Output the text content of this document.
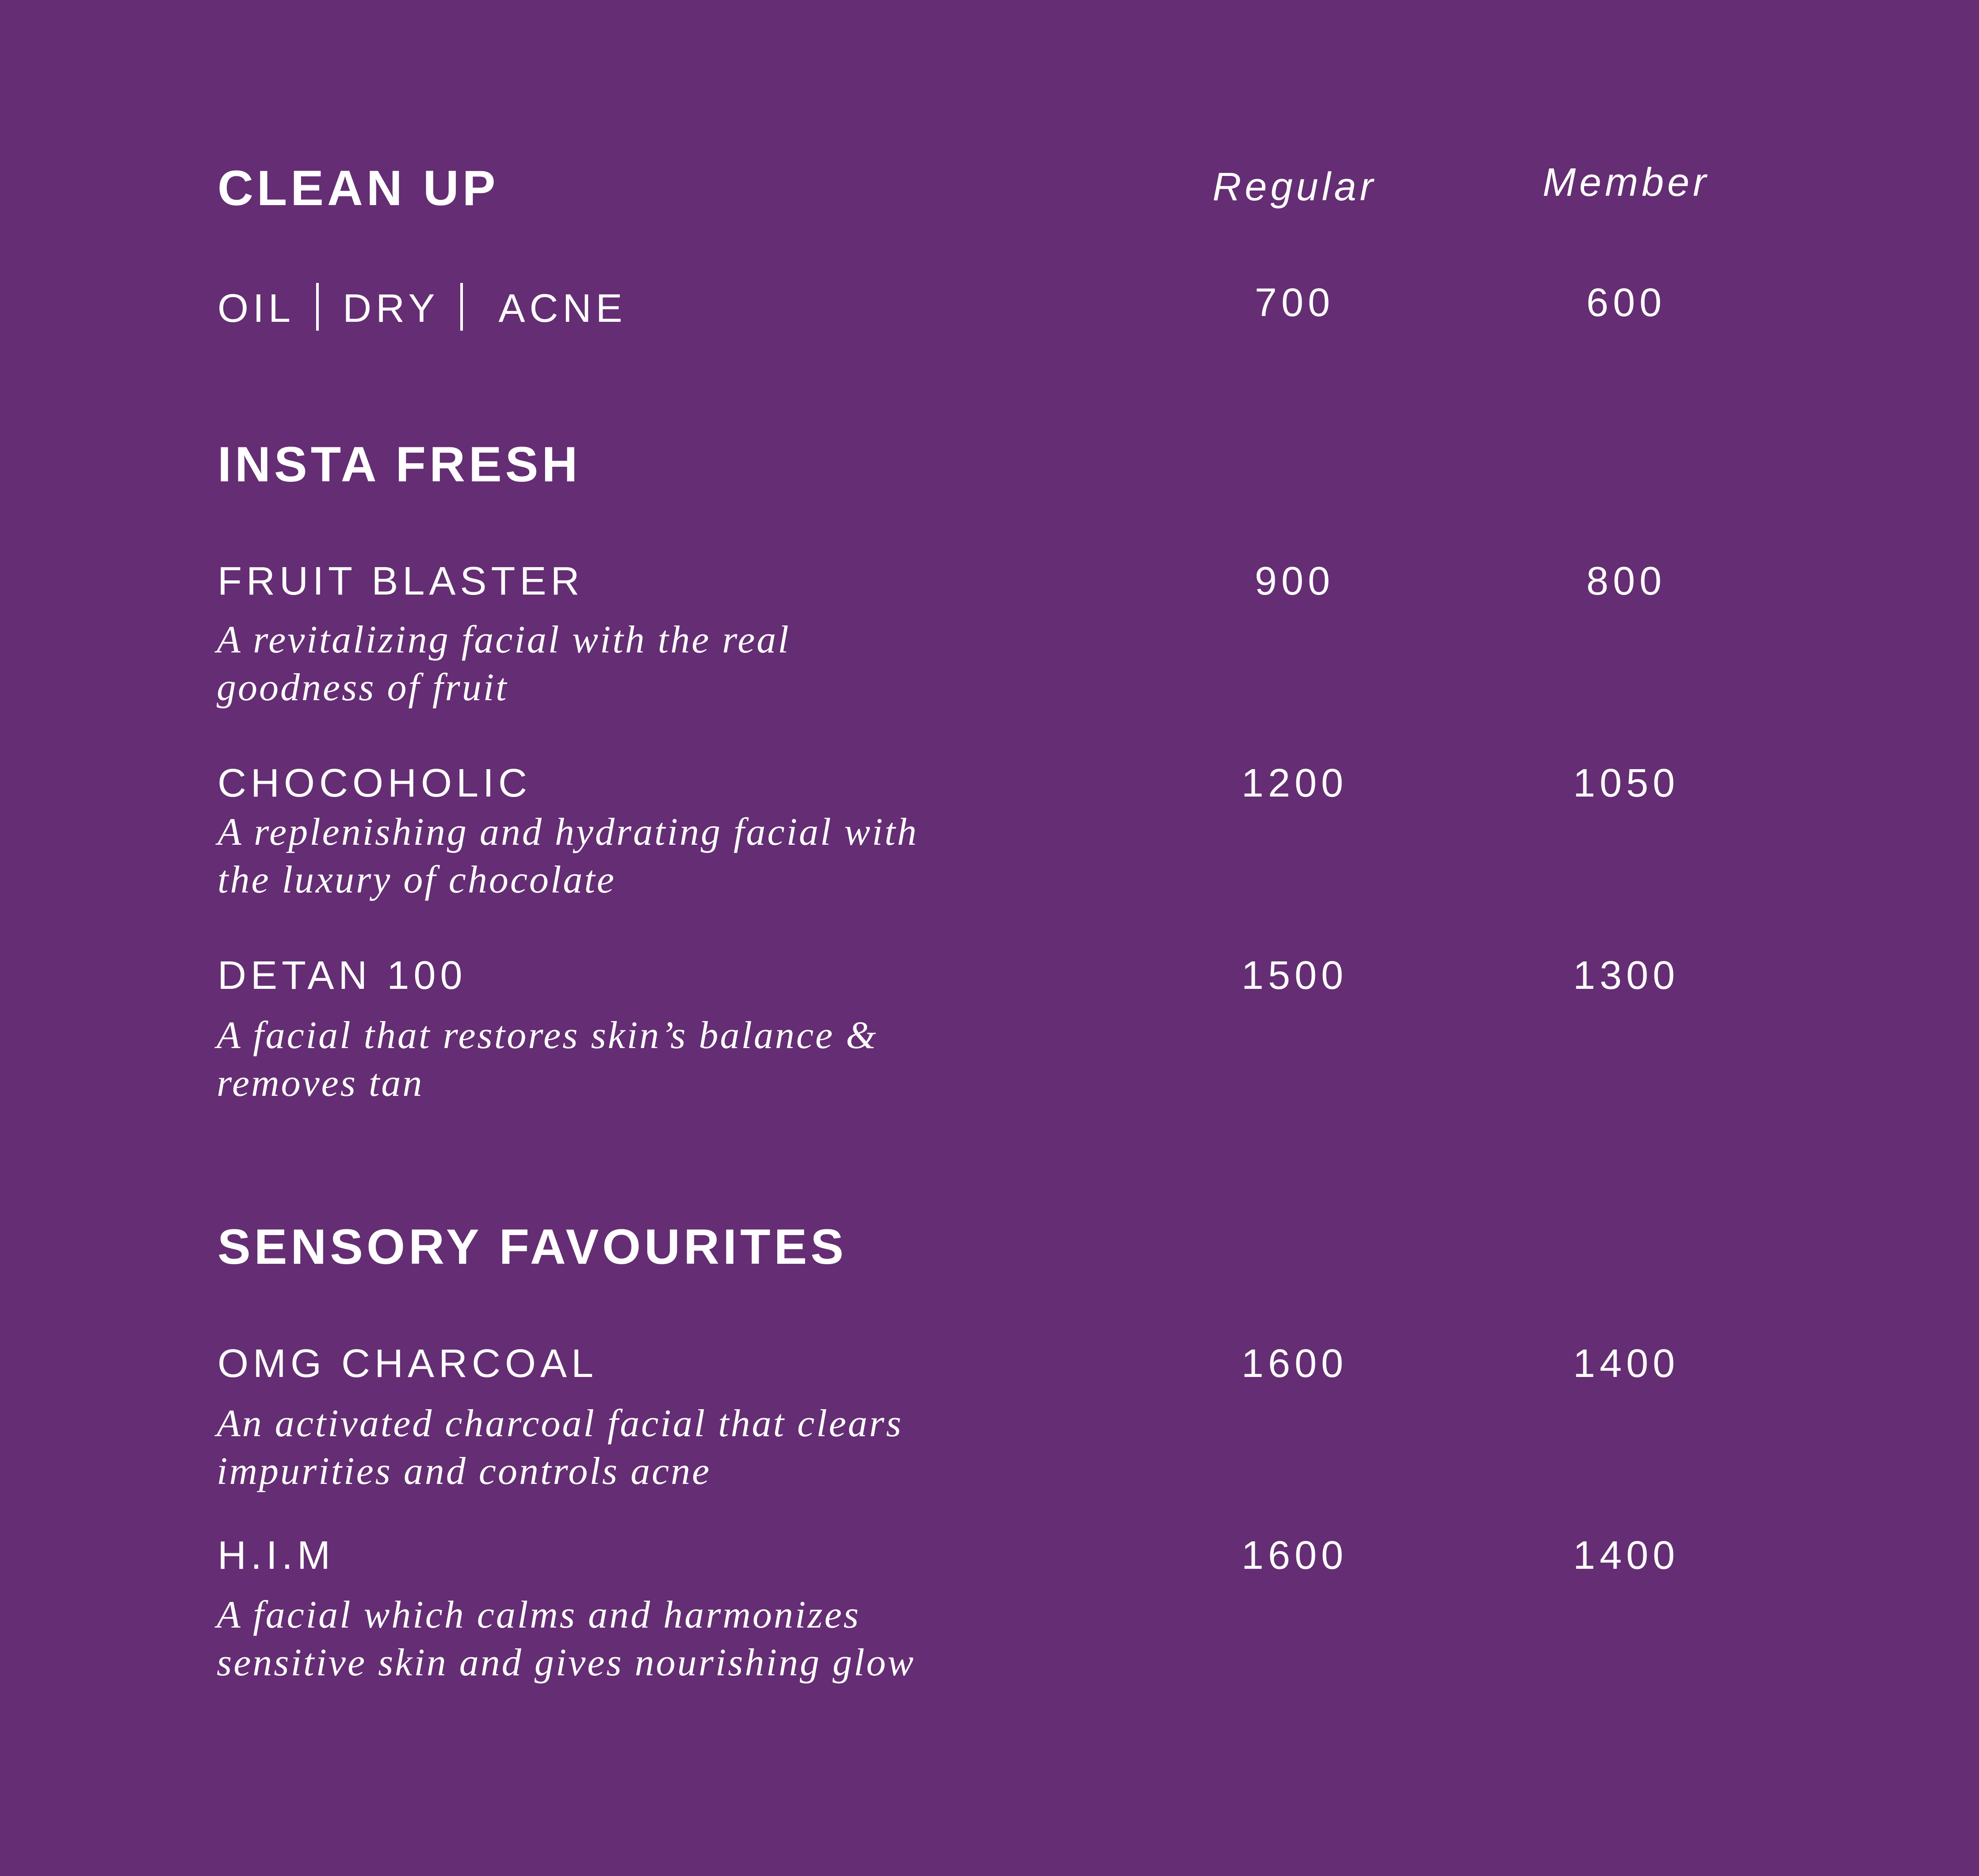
CLEAN UP	Regular	Member
OIL DRY ACNE	700	600
INSTA FRESH
FRUIT BLASTER	900	800
A revitalizing facial with the real
goodness of fruit
CHOCOHOLIC	1200	1050
A replenishing and hydrating facial with
the luxury of chocolate
DETAN 100	1500	1300
A facial that restores skin’s balance &
removes tan
SENSORY FAVOURITES
OMG CHARCOAL	1600	1400
An activated charcoal facial that clears
impurities and controls acne
H.I.M	1600	1400
A facial which calms and harmonizes
sensitive skin and gives nourishing glow
